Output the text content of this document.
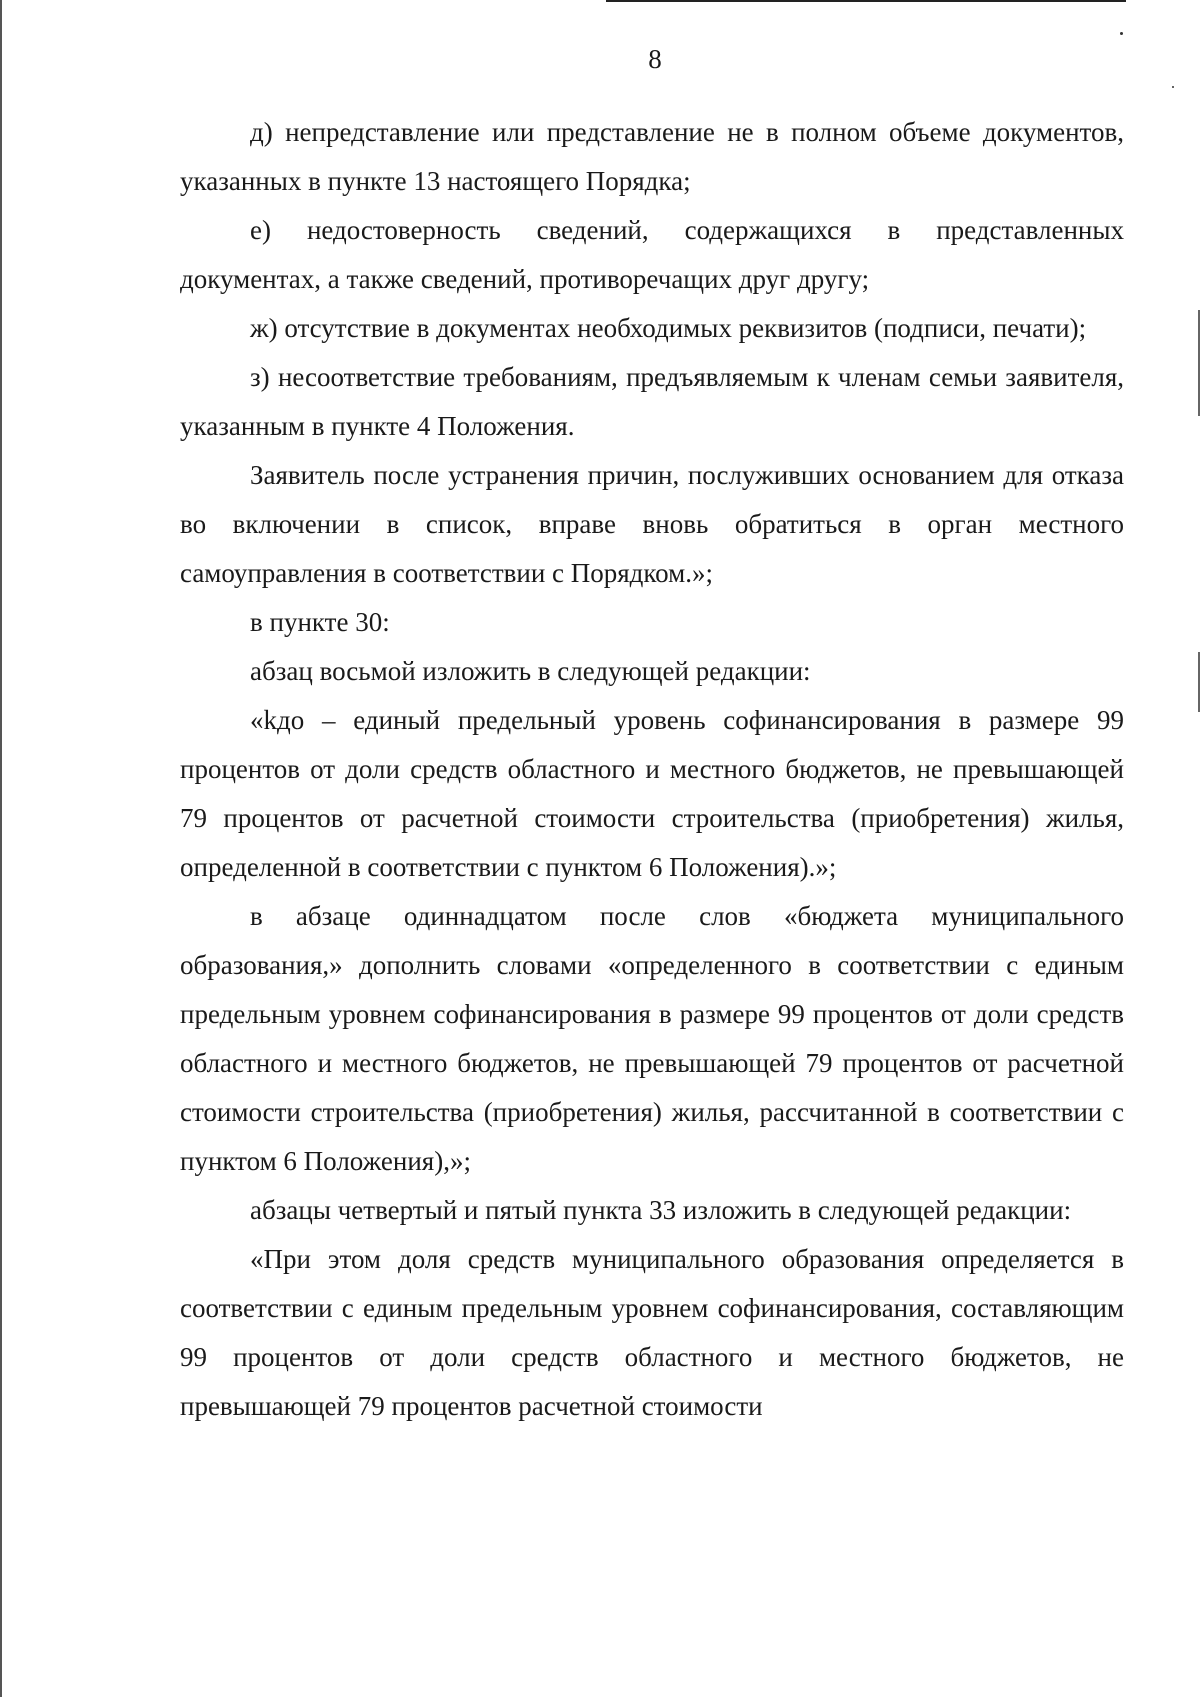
8

д) непредставление или представление не в полном объеме документов, указанных в пункте 13 настоящего Порядка;

е) недостоверность сведений, содержащихся в представленных документах, а также сведений, противоречащих друг другу;

ж) отсутствие в документах необходимых реквизитов (подписи, печати);

з) несоответствие требованиям, предъявляемым к членам семьи заявителя, указанным в пункте 4 Положения.

Заявитель после устранения причин, послуживших основанием для отказа во включении в список, вправе вновь обратиться в орган местного самоуправления в соответствии с Порядком.»;

в пункте 30:

абзац восьмой изложить в следующей редакции:

«kдо – единый предельный уровень софинансирования в размере 99 процентов от доли средств областного и местного бюджетов, не превышающей 79 процентов от расчетной стоимости строительства (приобретения) жилья, определенной в соответствии с пунктом 6 Положения).»;

в абзаце одиннадцатом после слов «бюджета муниципального образования,» дополнить словами «определенного в соответствии с единым предельным уровнем софинансирования в размере 99 процентов от доли средств областного и местного бюджетов, не превышающей 79 процентов от расчетной стоимости строительства (приобретения) жилья, рассчитанной в соответствии с пунктом 6 Положения),»;

абзацы четвертый и пятый пункта 33 изложить в следующей редакции:

«При этом доля средств муниципального образования определяется в соответствии с единым предельным уровнем софинансирования, составляющим 99 процентов от доли средств областного и местного бюджетов, не превышающей 79 процентов расчетной стоимости
